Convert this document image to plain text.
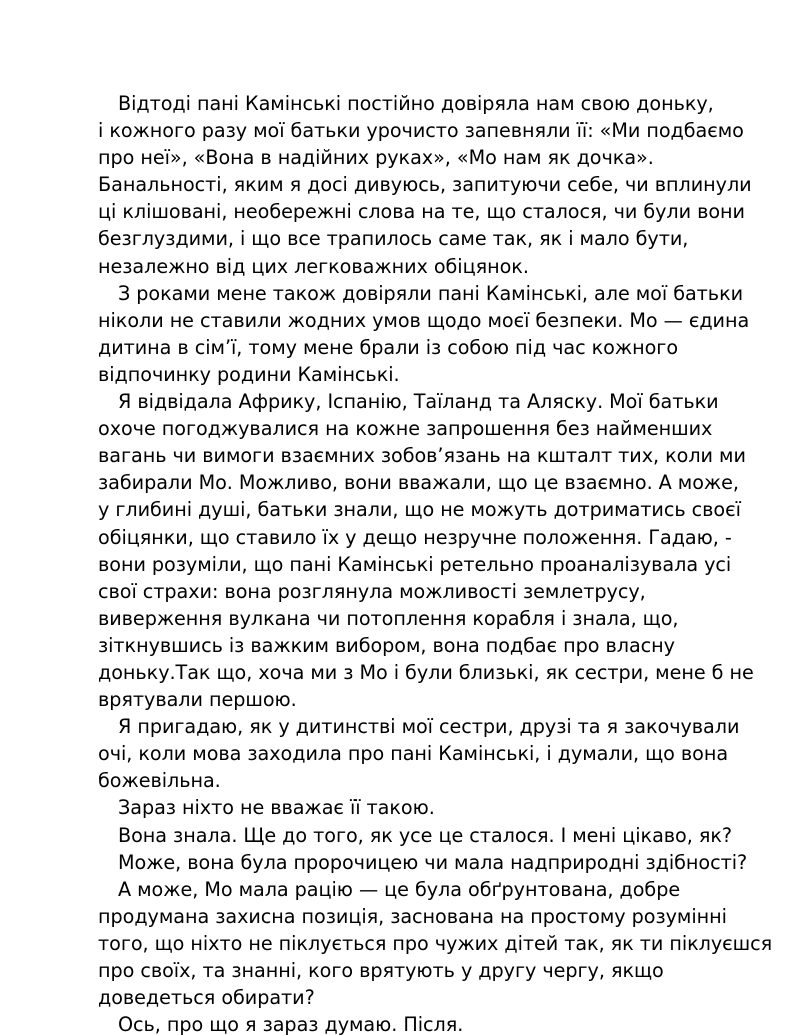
Відтоді пані Камінські постійно довіряла нам свою доньку,
і кожного разу мої батьки урочисто запевняли її: «Ми подбаємо
про неї», «Вона в надійних руках», «Мо нам як дочка».
Банальності, яким я досі дивуюсь, запитуючи себе, чи вплинули
ці клішовані, необережні слова на те, що сталося, чи були вони
безглуздими, і що все трапилось саме так, як і мало бути,
незалежно від цих легковажних обіцянок.

З роками мене також довіряли пані Камінські, але мої батьки
ніколи не ставили жодних умов щодо моєї безпеки. Мо — єдина
дитина в сім’ї, тому мене брали із собою під час кожного
відпочинку родини Камінські.

Я відвідала Африку, Іспанію, Таїланд та Аляску. Мої батьки
охоче погоджувалися на кожне запрошення без найменших
вагань чи вимоги взаємних зобов’язань на кшталт тих, коли ми
забирали Мо. Можливо, вони вважали, що це взаємно. А може,
у глибині душі, батьки знали, що не можуть дотриматись своєї
обіцянки, що ставило їх у дещо незручне положення. Гадаю, -
вони розуміли, що пані Камінські ретельно проаналізувала усі
свої страхи: вона розглянула можливості землетрусу,
виверження вулкана чи потоплення корабля і знала, що,
зіткнувшись із важким вибором, вона подбає про власну
доньку.Так що, хоча ми з Мо і були близькі, як сестри, мене б не
врятували першою.

Я пригадаю, як у дитинстві мої сестри, друзі та я закочували
очі, коли мова заходила про пані Камінські, і думали, що вона
божевільна.

Зараз ніхто не вважає її такою.

Вона знала. Ще до того, як усе це сталося. І мені цікаво, як?

Може, вона була пророчицею чи мала надприродні здібності?

А може, Мо мала рацію — це була обґрунтована, добре
продумана захисна позиція, заснована на простому розумінні
того, що ніхто не піклується про чужих дітей так, як ти піклуєшся
про своїх, та знанні, кого врятують у другу чергу, якщо
доведеться обирати?

Ось, про що я зараз думаю. Після.
